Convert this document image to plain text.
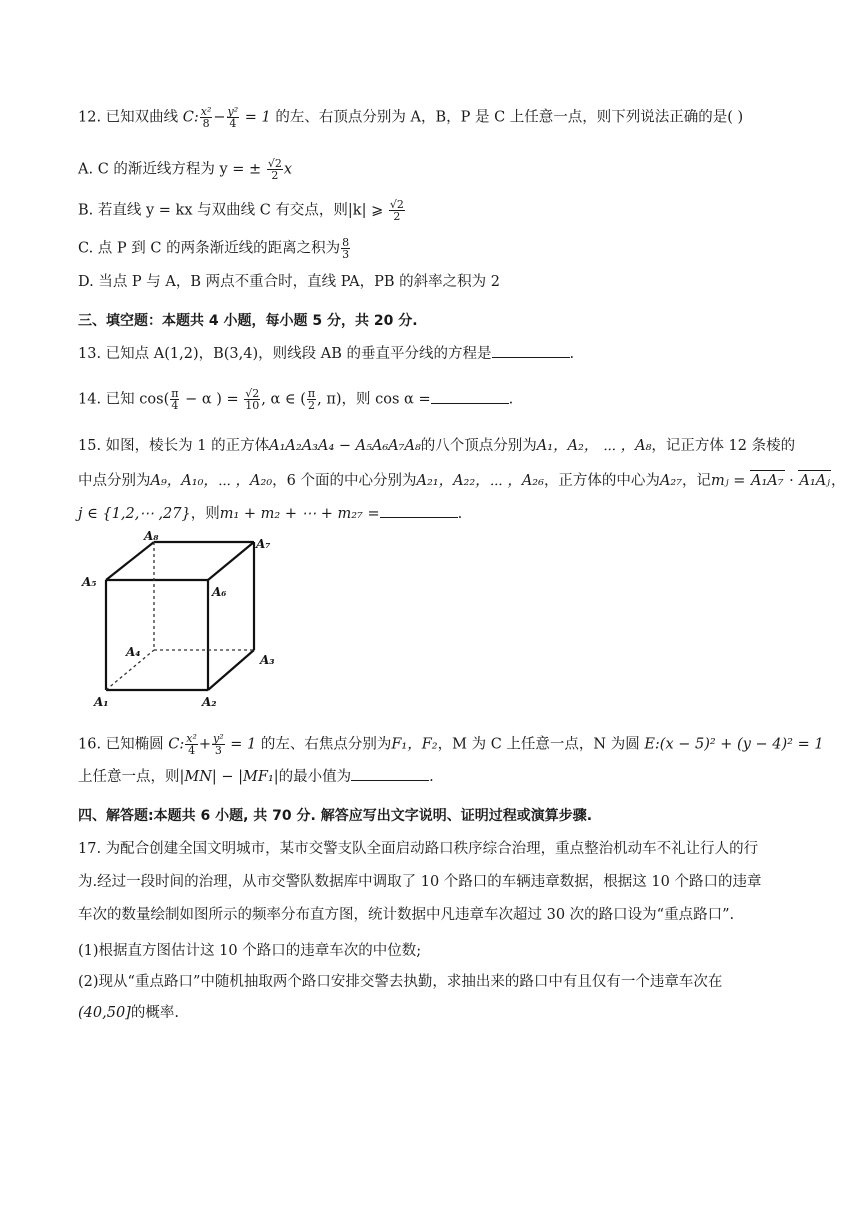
12. 已知双曲线 C: $\frac{\text{x²}}{8} - \frac{\text{y²}}{4} = 1$ 的左、右顶点分别为 A，B，P 是 C 上任意一点，则下列说法正确的是( )
A. C 的渐近线方程为 y = ± $\frac{√2}{2}$ x
B. 若直线 y = kx 与双曲线 C 有交点，则|k| ⩾ $\frac{√2}{2}$
C. 点 P 到 C 的两条渐近线的距离之积为 $\frac{8}{3}$
D. 当点 P 与 A，B 两点不重合时，直线 PA，PB 的斜率之积为 2
三、填空题：本题共 4 小题，每小题 5 分，共 20 分.
13. 已知点 A(1,2)，B(3,4)，则线段 AB 的垂直平分线的方程是	.
14. 已知 $\cos( \frac{\pi}{4} - \alpha$ ) = $\frac{√2}{10}$ , α ∈ ( $\frac{\pi}{2}$ , π)，则 cos α =	.
15. 如图，棱长为 1 的正方体A₁A₂A₃A₄ − A₅A₆A₇A₈的八个顶点分别为A₁，A₂， ⋯ ，A₈，记正方体 12 条棱的
中点分别为A₉，A₁₀，⋯ ，A₂₀，6 个面的中心分别为A₂₁，A₂₂，⋯ ，A₂₆，正方体的中心为A₂₇，记mⱼ = A₁A₇ · A₁Aⱼ，
j ∈ {1,2,⋯ ,27}，则m₁ + m₂ + ⋯ + m₂₇ =	.
A₈
A₇
A₅
A₆
A₄
A₃
A₁	A₂
16. 已知椭圆 C: $\frac{\text{x²}}{4} + \frac{\text{y²}}{3} = 1$ 的左、右焦点分别为F₁，F₂，M 为 C 上任意一点，N 为圆 E:(x − 5)² + (y − 4)² = 1
上任意一点，则|MN| − |MF₁|的最小值为	.
四、解答题:本题共 6 小题, 共 70 分. 解答应写出文字说明、证明过程或演算步骤.
17. 为配合创建全国文明城市，某市交警支队全面启动路口秩序综合治理，重点整治机动车不礼让行人的行
为.经过一段时间的治理，从市交警队数据库中调取了 10 个路口的车辆违章数据，根据这 10 个路口的违章
车次的数量绘制如图所示的频率分布直方图，统计数据中凡违章车次超过 30 次的路口设为“重点路口”.
(1)根据直方图估计这 10 个路口的违章车次的中位数;
(2)现从“重点路口”中随机抽取两个路口安排交警去执勤，求抽出来的路口中有且仅有一个违章车次在
(40,50]的概率.
